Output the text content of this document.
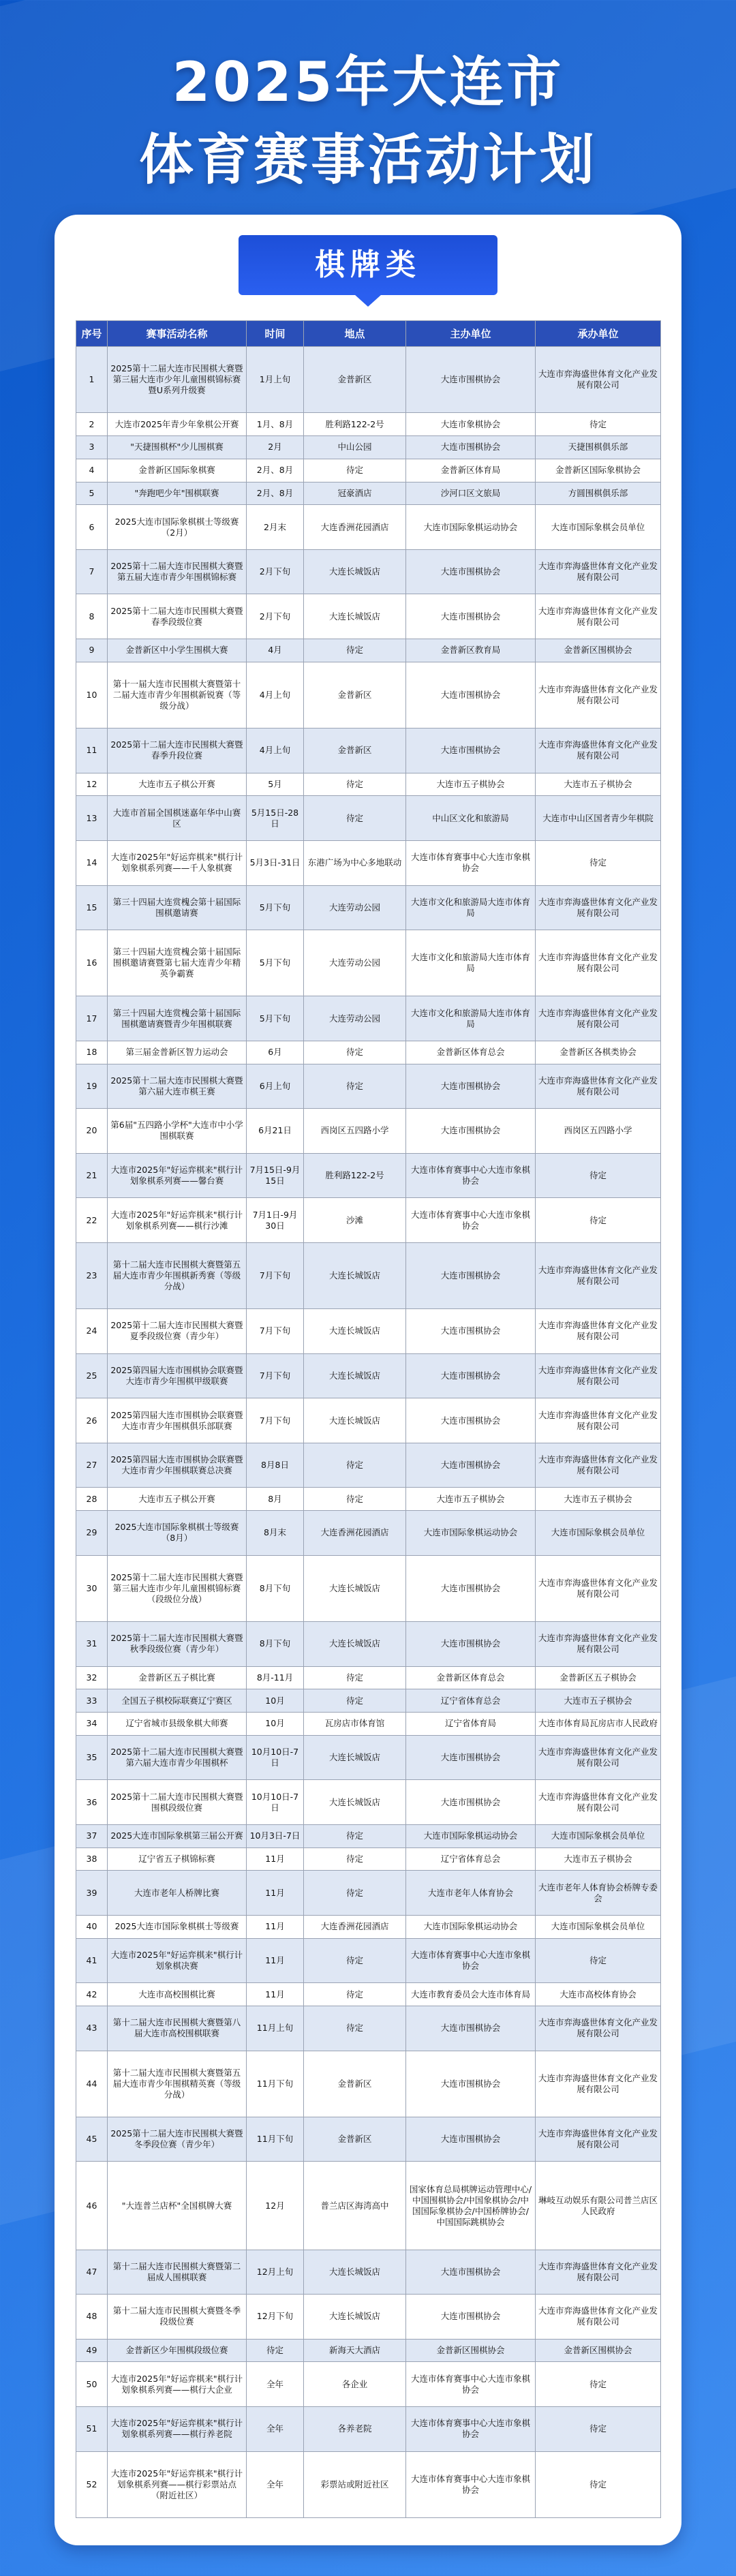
2025年大连市
体育赛事活动计划
棋牌类
序号	赛事活动名称	时间	地点	主办单位	承办单位
1	2025第十二届大连市民围棋大赛暨第三届大连市少年儿童围棋锦标赛暨U系列升级赛	1月上旬	金普新区	大连市围棋协会	大连市弈海盛世体育文化产业发展有限公司
2	大连市2025年青少年象棋公开赛	1月、8月	胜利路122-2号	大连市象棋协会	待定
3	"天捷围棋杯"少儿围棋赛	2月	中山公园	大连市围棋协会	天捷围棋俱乐部
4	金普新区国际象棋赛	2月、8月	待定	金普新区体育局	金普新区国际象棋协会
5	"奔跑吧少年"围棋联赛	2月、8月	冠豪酒店	沙河口区文旅局	方圆围棋俱乐部
6	2025大连市国际象棋棋士等级赛（2月）	2月末	大连香洲花园酒店	大连市国际象棋运动协会	大连市国际象棋会员单位
7	2025第十二届大连市民围棋大赛暨第五届大连市青少年围棋锦标赛	2月下旬	大连长城饭店	大连市围棋协会	大连市弈海盛世体育文化产业发展有限公司
8	2025第十二届大连市民围棋大赛暨春季段级位赛	2月下旬	大连长城饭店	大连市围棋协会	大连市弈海盛世体育文化产业发展有限公司
9	金普新区中小学生围棋大赛	4月	待定	金普新区教育局	金普新区围棋协会
10	第十一届大连市民围棋大赛暨第十二届大连市青少年围棋新锐赛（等级分战）	4月上旬	金普新区	大连市围棋协会	大连市弈海盛世体育文化产业发展有限公司
11	2025第十二届大连市民围棋大赛暨春季升段位赛	4月上旬	金普新区	大连市围棋协会	大连市弈海盛世体育文化产业发展有限公司
12	大连市五子棋公开赛	5月	待定	大连市五子棋协会	大连市五子棋协会
13	大连市首届全国棋迷嘉年华中山赛区	5月15日-28日	待定	中山区文化和旅游局	大连市中山区国者青少年棋院
14	大连市2025年"好运弈棋来"棋行计划象棋系列赛——千人象棋赛	5月3日-31日	东港广场为中心多地联动	大连市体育赛事中心大连市象棋协会	待定
15	第三十四届大连赏槐会第十届国际围棋邀请赛	5月下旬	大连劳动公园	大连市文化和旅游局大连市体育局	大连市弈海盛世体育文化产业发展有限公司
16	第三十四届大连赏槐会第十届国际围棋邀请赛暨第七届大连青少年精英争霸赛	5月下旬	大连劳动公园	大连市文化和旅游局大连市体育局	大连市弈海盛世体育文化产业发展有限公司
17	第三十四届大连赏槐会第十届国际围棋邀请赛暨青少年围棋联赛	5月下旬	大连劳动公园	大连市文化和旅游局大连市体育局	大连市弈海盛世体育文化产业发展有限公司
18	第三届金普新区智力运动会	6月	待定	金普新区体育总会	金普新区各棋类协会
19	2025第十二届大连市民围棋大赛暨第六届大连市棋王赛	6月上旬	待定	大连市围棋协会	大连市弈海盛世体育文化产业发展有限公司
20	第6届"五四路小学杯"大连市中小学围棋联赛	6月21日	西岗区五四路小学	大连市围棋协会	西岗区五四路小学
21	大连市2025年"好运弈棋来"棋行计划象棋系列赛——馨台赛	7月15日-9月15日	胜利路122-2号	大连市体育赛事中心大连市象棋协会	待定
22	大连市2025年"好运弈棋来"棋行计划象棋系列赛——棋行沙滩	7月1日-9月30日	沙滩	大连市体育赛事中心大连市象棋协会	待定
23	第十二届大连市民围棋大赛暨第五届大连市青少年围棋新秀赛（等级分战）	7月下旬	大连长城饭店	大连市围棋协会	大连市弈海盛世体育文化产业发展有限公司
24	2025第十二届大连市民围棋大赛暨夏季段级位赛（青少年）	7月下旬	大连长城饭店	大连市围棋协会	大连市弈海盛世体育文化产业发展有限公司
25	2025第四届大连市围棋协会联赛暨大连市青少年围棋甲级联赛	7月下旬	大连长城饭店	大连市围棋协会	大连市弈海盛世体育文化产业发展有限公司
26	2025第四届大连市围棋协会联赛暨大连市青少年围棋俱乐部联赛	7月下旬	大连长城饭店	大连市围棋协会	大连市弈海盛世体育文化产业发展有限公司
27	2025第四届大连市围棋协会联赛暨大连市青少年围棋联赛总决赛	8月8日	待定	大连市围棋协会	大连市弈海盛世体育文化产业发展有限公司
28	大连市五子棋公开赛	8月	待定	大连市五子棋协会	大连市五子棋协会
29	2025大连市国际象棋棋士等级赛（8月）	8月末	大连香洲花园酒店	大连市国际象棋运动协会	大连市国际象棋会员单位
30	2025第十二届大连市民围棋大赛暨第三届大连市少年儿童围棋锦标赛（段级位分战）	8月下旬	大连长城饭店	大连市围棋协会	大连市弈海盛世体育文化产业发展有限公司
31	2025第十二届大连市民围棋大赛暨秋季段级位赛（青少年）	8月下旬	大连长城饭店	大连市围棋协会	大连市弈海盛世体育文化产业发展有限公司
32	金普新区五子棋比赛	8月-11月	待定	金普新区体育总会	金普新区五子棋协会
33	全国五子棋校际联赛辽宁赛区	10月	待定	辽宁省体育总会	大连市五子棋协会
34	辽宁省城市县级象棋大师赛	10月	瓦房店市体育馆	辽宁省体育局	大连市体育局瓦房店市人民政府
35	2025第十二届大连市民围棋大赛暨第六届大连市青少年围棋杯	10月10日-7日	大连长城饭店	大连市围棋协会	大连市弈海盛世体育文化产业发展有限公司
36	2025第十二届大连市民围棋大赛暨围棋段级位赛	10月10日-7日	大连长城饭店	大连市围棋协会	大连市弈海盛世体育文化产业发展有限公司
37	2025大连市国际象棋第三届公开赛	10月3日-7日	待定	大连市国际象棋运动协会	大连市国际象棋会员单位
38	辽宁省五子棋锦标赛	11月	待定	辽宁省体育总会	大连市五子棋协会
39	大连市老年人桥牌比赛	11月	待定	大连市老年人体育协会	大连市老年人体育协会桥牌专委会
40	2025大连市国际象棋棋士等级赛	11月	大连香洲花园酒店	大连市国际象棋运动协会	大连市国际象棋会员单位
41	大连市2025年"好运弈棋来"棋行计划象棋决赛	11月	待定	大连市体育赛事中心大连市象棋协会	待定
42	大连市高校围棋比赛	11月	待定	大连市教育委员会大连市体育局	大连市高校体育协会
43	第十二届大连市民围棋大赛暨第八届大连市高校围棋联赛	11月上旬	待定	大连市围棋协会	大连市弈海盛世体育文化产业发展有限公司
44	第十二届大连市民围棋大赛暨第五届大连市青少年围棋精英赛（等级分战）	11月下旬	金普新区	大连市围棋协会	大连市弈海盛世体育文化产业发展有限公司
45	2025第十二届大连市民围棋大赛暨冬季段位赛（青少年）	11月下旬	金普新区	大连市围棋协会	大连市弈海盛世体育文化产业发展有限公司
46	"大连普兰店杯"全国棋牌大赛	12月	普兰店区海湾高中	国家体育总局棋牌运动管理中心/中国围棋协会/中国象棋协会/中国国际象棋协会/中国桥牌协会/中国国际跳棋协会	琳岐互动娱乐有限公司普兰店区人民政府
47	第十二届大连市民围棋大赛暨第二届成人围棋联赛	12月上旬	大连长城饭店	大连市围棋协会	大连市弈海盛世体育文化产业发展有限公司
48	第十二届大连市民围棋大赛暨冬季段级位赛	12月下旬	大连长城饭店	大连市围棋协会	大连市弈海盛世体育文化产业发展有限公司
49	金普新区少年围棋段级位赛	待定	新海天大酒店	金普新区围棋协会	金普新区围棋协会
50	大连市2025年"好运弈棋来"棋行计划象棋系列赛——棋行大企业	全年	各企业	大连市体育赛事中心大连市象棋协会	待定
51	大连市2025年"好运弈棋来"棋行计划象棋系列赛——棋行养老院	全年	各养老院	大连市体育赛事中心大连市象棋协会	待定
52	大连市2025年"好运弈棋来"棋行计划象棋系列赛——棋行彩票站点（附近社区）	全年	彩票站或附近社区	大连市体育赛事中心大连市象棋协会	待定
